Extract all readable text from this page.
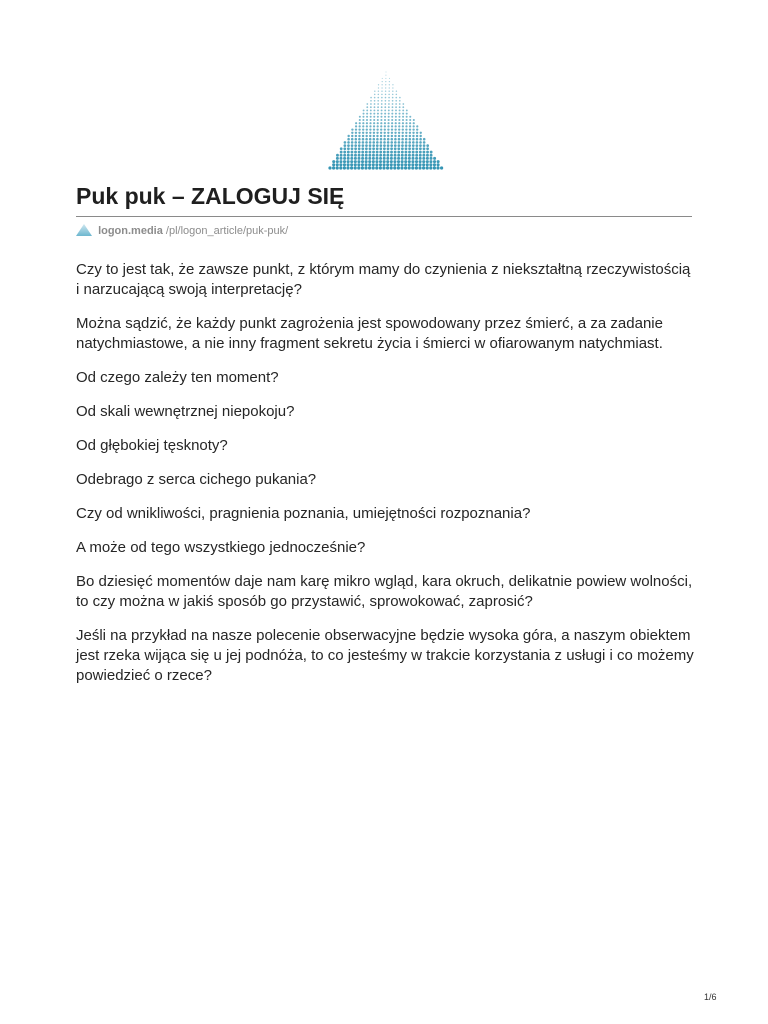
Puk puk – ZALOGUJ SIĘ
logon.media /pl/logon_article/puk-puk/

Czy to jest tak, że zawsze punkt, z którym mamy do czynienia z niekształtną rzeczywistością i narzucającą swoją interpretację?

Można sądzić, że każdy punkt zagrożenia jest spowodowany przez śmierć, a za zadanie natychmiastowe, a nie inny fragment sekretu życia i śmierci w ofiarowanym natychmiast.

Od czego zależy ten moment?

Od skali wewnętrznej niepokoju?

Od głębokiej tęsknoty?

Odebrago z serca cichego pukania?

Czy od wnikliwości, pragnienia poznania, umiejętności rozpoznania?

A może od tego wszystkiego jednocześnie?

Bo dziesięć momentów daje nam karę mikro wgląd, kara okruch, delikatnie powiew wolności, to czy można w jakiś sposób go przystawić, sprowokować, zaprosić?

Jeśli na przykład na nasze polecenie obserwacyjne będzie wysoka góra, a naszym obiektem jest rzeka wijąca się u jej podnóża, to co jesteśmy w trakcie korzystania z usługi i co możemy powiedzieć o rzece?

1/6
